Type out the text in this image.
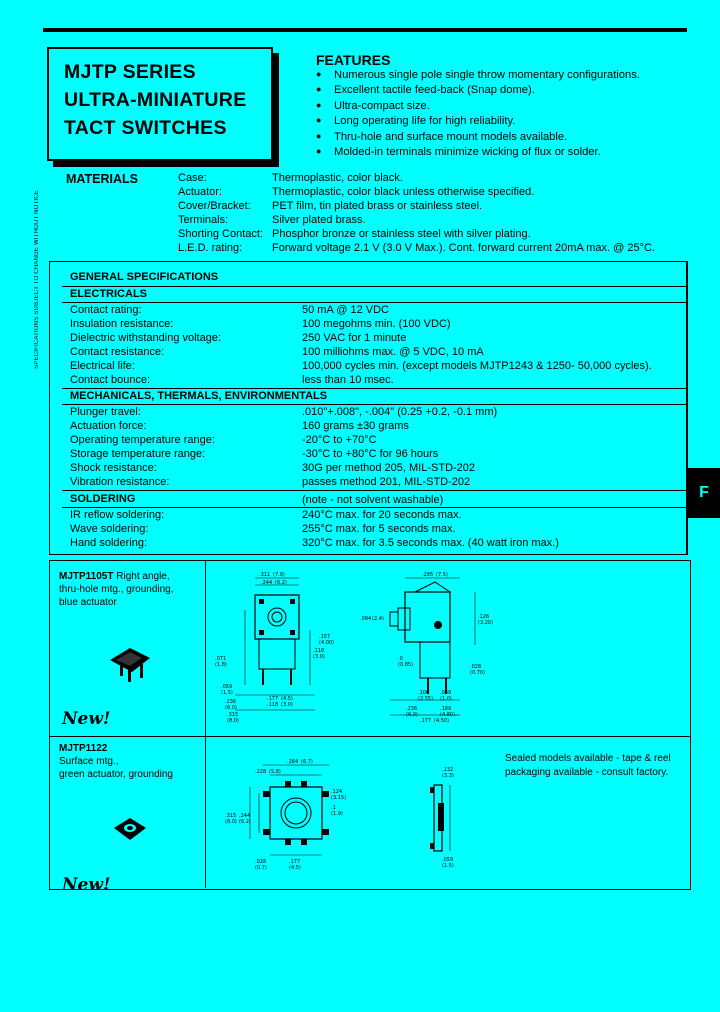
MJTP SERIES
ULTRA-MINIATURE
TACT SWITCHES
FEATURES
● Numerous single pole single throw momentary configurations.
● Excellent tactile feed-back (Snap dome).
● Ultra-compact size.
● Long operating life for high reliability.
● Thru-hole and surface mount models available.
● Molded-in terminals minimize wicking of flux or solder.
MATERIALS	Case:	Thermoplastic, color black.
Actuator:	Thermoplastic, color black unless otherwise specified.
Cover/Bracket: PET film, tin plated brass or stainless steel.
Terminals:	Silver plated brass.
Shorting Contact: Phosphor bronze or stainless steel with silver plating.
L.E.D. rating:	Forward voltage 2.1 V (3.0 V Max.). Cont. forward current 20mA max. @ 25°C.
SPECIFICATIONS SUBJECT TO CHANGE WITHOUT NOTICE	GENERAL SPECIFICATIONS
ELECTRICALS
Contact rating:	50 mA @ 12 VDC
Insulation resistance:	100 megohms min. (100 VDC)
Dielectric withstanding voltage:	250 VAC for 1 minute
Contact resistance:	100 milliohms max. @ 5 VDC, 10 mA
Electrical life:	100,000 cycles min. (except models MJTP1243 & 1250- 50,000 cycles).
Contact bounce:	less than 10 msec.
MECHANICALS, THERMALS, ENVIRONMENTALS
Plunger travel:	.010"+.008", -.004" (0.25 +0.2, -0.1 mm)
Actuation force:	160 grams ±30 grams
Operating temperature range:	-20°C to +70°C
Storage temperature range:	-30°C to +80°C for 96 hours
Shock resistance:	30G per method 205, MIL-STD-202
Vibration resistance:	passes method 201, MIL-STD-202
SOLDERING	(note - not solvent washable)
IR reflow soldering:	240°C max. for 20 seconds max.
Wave soldering:	255°C max. for 5 seconds max.
Hand soldering:	320°C max. for 3.5 seconds max. (40 watt iron max.)
F
MJTP1105T Right angle,
thru-hole mtg., grounding,
blue actuator
New!
MJTP1122
Surface mtg.,
green actuator, grounding
New!
Sealed models available - tape & reel
packaging available - consult factory.
.311 (7.9)
.244 (6.2)
.157
(4.00)
.118
(3.0)
.071
(1.8)
.059
(1.5)
.236
(6.0)
.177 (4.5)
.118 (3.0)
.315
(8.0)
.295 (7.5)
.094 (2.4)	.126
(3.20)
.028
(0.70)
.0
(0.85)
.100
(2.55)
.039
(1.0)
.236
(6.0)
.189
(4.80)
.177 (4.50)
.264 (6.7)
.228 (5.8)
.315
(8.0)
.244
(6.2)
.028
(0.7)
.177
(4.5)
.124
(3.15)
.1
(1.9)
.132
(3.3)
.059
(1.5)
